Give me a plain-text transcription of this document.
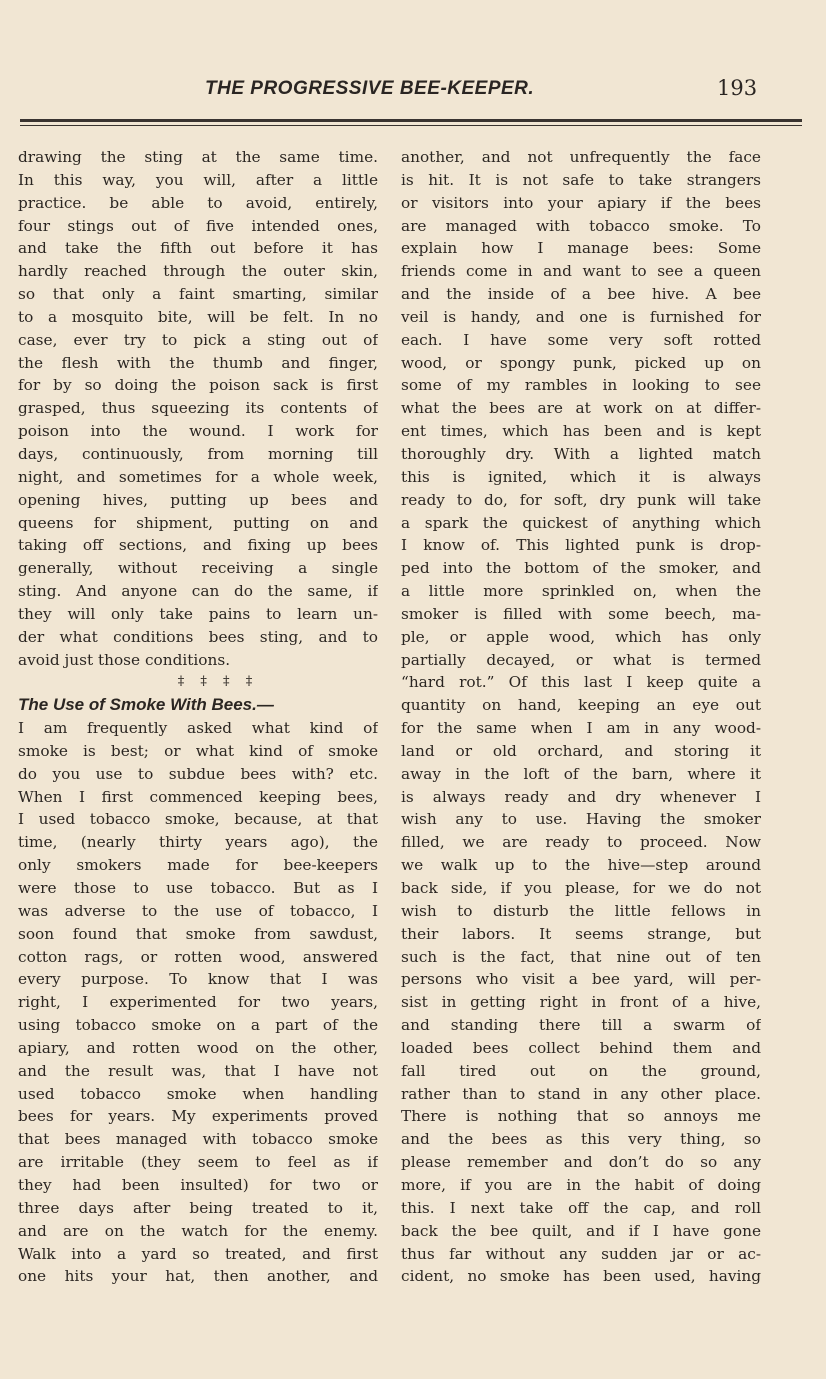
THE PROGRESSIVE BEE-KEEPER.	193
drawing the sting at the same time.
In this way, you will, after a little
practice. be able to avoid, entirely,
four stings out of five intended ones,
and take the fifth out before it has
hardly reached through the outer skin,
so that only a faint smarting, similar
to a mosquito bite, will be felt. In no
case, ever try to pick a sting out of
the flesh with the thumb and finger,
for by so doing the poison sack is first
grasped, thus squeezing its contents of
poison into the wound. I work for
days, continuously, from morning till
night, and sometimes for a whole week,
opening hives, putting up bees and
queens for shipment, putting on and
taking off sections, and fixing up bees
generally, without receiving a single
sting. And anyone can do the same, if
they will only take pains to learn un-
der what conditions bees sting, and to
avoid just those conditions.
‡ ‡ ‡ ‡
The Use of Smoke With Bees.—
I am frequently asked what kind of
smoke is best; or what kind of smoke
do you use to subdue bees with? etc.
When I first commenced keeping bees,
I used tobacco smoke, because, at that
time, (nearly thirty years ago), the
only smokers made for bee-keepers
were those to use tobacco. But as I
was adverse to the use of tobacco, I
soon found that smoke from sawdust,
cotton rags, or rotten wood, answered
every purpose. To know that I was
right, I experimented for two years,
using tobacco smoke on a part of the
apiary, and rotten wood on the other,
and the result was, that I have not
used tobacco smoke when handling
bees for years. My experiments proved
that bees managed with tobacco smoke
are irritable (they seem to feel as if
they had been insulted) for two or
three days after being treated to it,
and are on the watch for the enemy.
Walk into a yard so treated, and first
one hits your hat, then another, and
another, and not unfrequently the face
is hit. It is not safe to take strangers
or visitors into your apiary if the bees
are managed with tobacco smoke. To
explain how I manage bees: Some
friends come in and want to see a queen
and the inside of a bee hive. A bee
veil is handy, and one is furnished for
each. I have some very soft rotted
wood, or spongy punk, picked up on
some of my rambles in looking to see
what the bees are at work on at differ-
ent times, which has been and is kept
thoroughly dry. With a lighted match
this is ignited, which it is always
ready to do, for soft, dry punk will take
a spark the quickest of anything which
I know of. This lighted punk is drop-
ped into the bottom of the smoker, and
a little more sprinkled on, when the
smoker is filled with some beech, ma-
ple, or apple wood, which has only
partially decayed, or what is termed
“hard rot.” Of this last I keep quite a
quantity on hand, keeping an eye out
for the same when I am in any wood-
land or old orchard, and storing it
away in the loft of the barn, where it
is always ready and dry whenever I
wish any to use. Having the smoker
filled, we are ready to proceed. Now
we walk up to the hive—step around
back side, if you please, for we do not
wish to disturb the little fellows in
their labors. It seems strange, but
such is the fact, that nine out of ten
persons who visit a bee yard, will per-
sist in getting right in front of a hive,
and standing there till a swarm of
loaded bees collect behind them and
fall tired out on the ground,
rather than to stand in any other place.
There is nothing that so annoys me
and the bees as this very thing, so
please remember and don’t do so any
more, if you are in the habit of doing
this. I next take off the cap, and roll
back the bee quilt, and if I have gone
thus far without any sudden jar or ac-
cident, no smoke has been used, having
